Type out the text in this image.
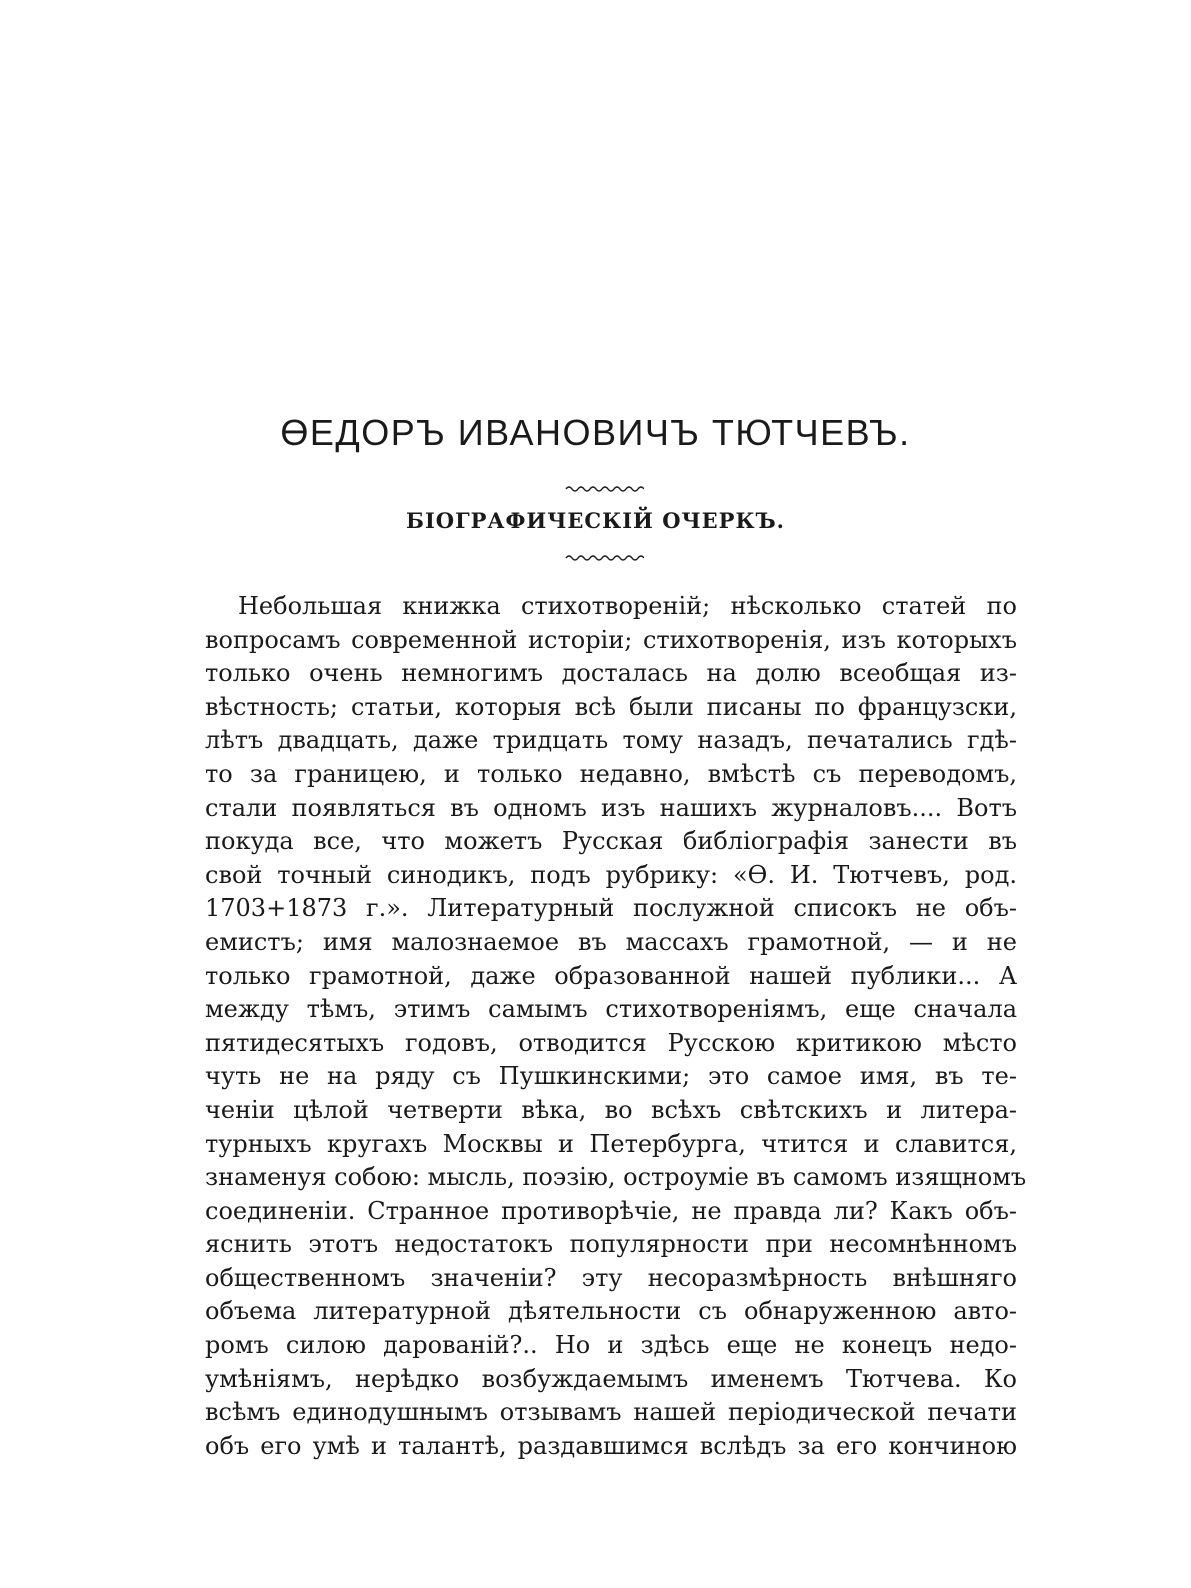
ӨЕДОРЪ ИВАНОВИЧЪ ТЮТЧЕВЪ.
БІОГРАФИЧЕСКІЙ ОЧЕРКЪ.
Небольшая книжка стихотвореній; нѣсколько статей по
вопросамъ современной исторіи; стихотворенія, изъ которыхъ
только очень немногимъ досталась на долю всеобщая из-
вѣстность; статьи, которыя всѣ были писаны по французски,
лѣтъ двадцать, даже тридцать тому назадъ, печатались гдѣ-
то за границею, и только недавно, вмѣстѣ съ переводомъ,
стали появляться въ одномъ изъ нашихъ журналовъ.... Вотъ
покуда все, что можетъ Русская библіографія занести въ
свой точный синодикъ, подъ рубрику: «Ө. И. Тютчевъ, род.
1703+1873 г.». Литературный послужной списокъ не объ-
емистъ; имя малознаемое въ массахъ грамотной, — и не
только грамотной, даже образованной нашей публики... А
между тѣмъ, этимъ самымъ стихотвореніямъ, еще сначала
пятидесятыхъ годовъ, отводится Русскою критикою мѣсто
чуть не на ряду съ Пушкинскими; это самое имя, въ те-
ченіи цѣлой четверти вѣка, во всѣхъ свѣтскихъ и литера-
турныхъ кругахъ Москвы и Петербурга, чтится и славится,
знаменуя собою: мысль, поэзію, остроуміе въ самомъ изящномъ
соединеніи. Странное противорѣчіе, не правда ли? Какъ объ-
яснить этотъ недостатокъ популярности при несомнѣнномъ
общественномъ значеніи? эту несоразмѣрность внѣшняго
объема литературной дѣятельности съ обнаруженною авто-
ромъ силою дарованій?.. Но и здѣсь еще не конецъ недо-
умѣніямъ, нерѣдко возбуждаемымъ именемъ Тютчева. Ко
всѣмъ единодушнымъ отзывамъ нашей періодической печати
объ его умѣ и талантѣ, раздавшимся вслѣдъ за его кончиною
